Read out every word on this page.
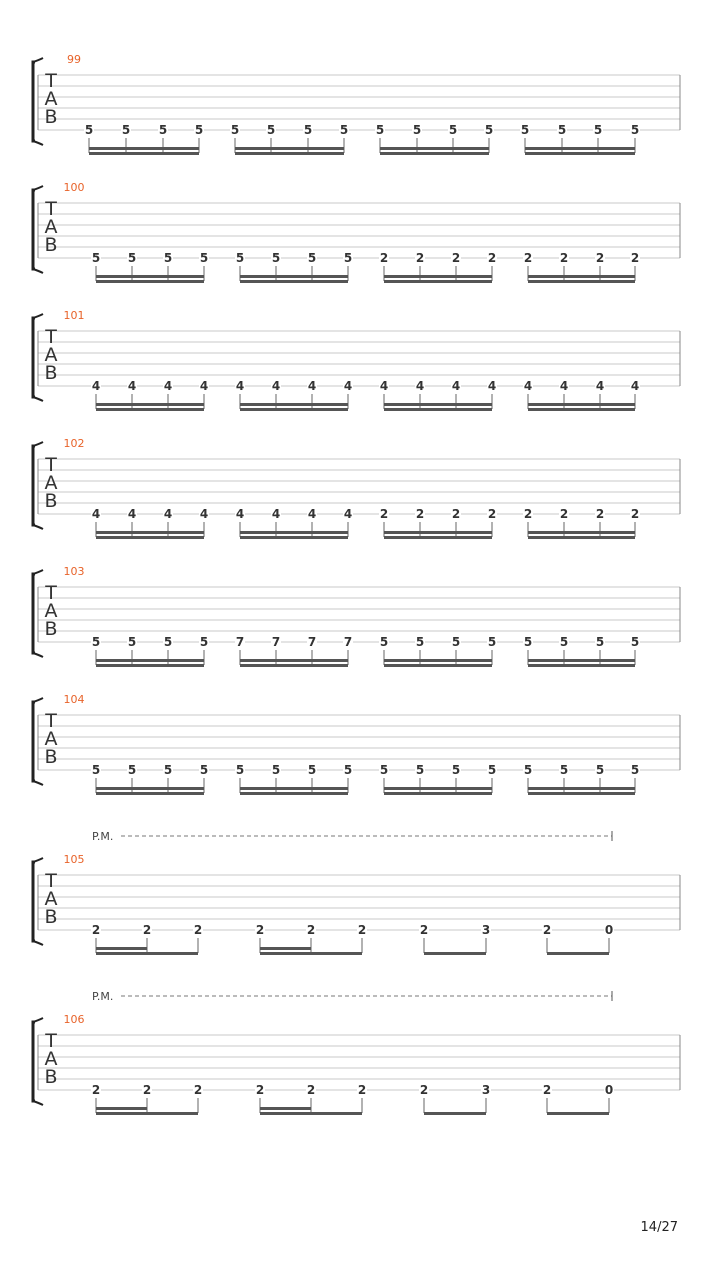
T
A
B
99
5 5 5 5 5 5 5 5 5 5 5 5 5 5 5 5
T
A
B
100
5 5 5 5 5 5 5 5 2 2 2 2 2 2 2 2
T
A
B
101
4 4 4 4 4 4 4 4 4 4 4 4 4 4 4 4
T
A
B
102
4 4 4 4 4 4 4 4 2 2 2 2 2 2 2 2
T
A
B
103
5 5 5 5 7 7 7 7 5 5 5 5 5 5 5 5
T
A
B
104
5 5 5 5 5 5 5 5 5 5 5 5 5 5 5 5
T
A
B
105
P.M.
2	2	2	2	2	2	2	3	2	0
T
A
B
106
P.M.
2	2	2	2	2	2	2	3	2	0
14/27
